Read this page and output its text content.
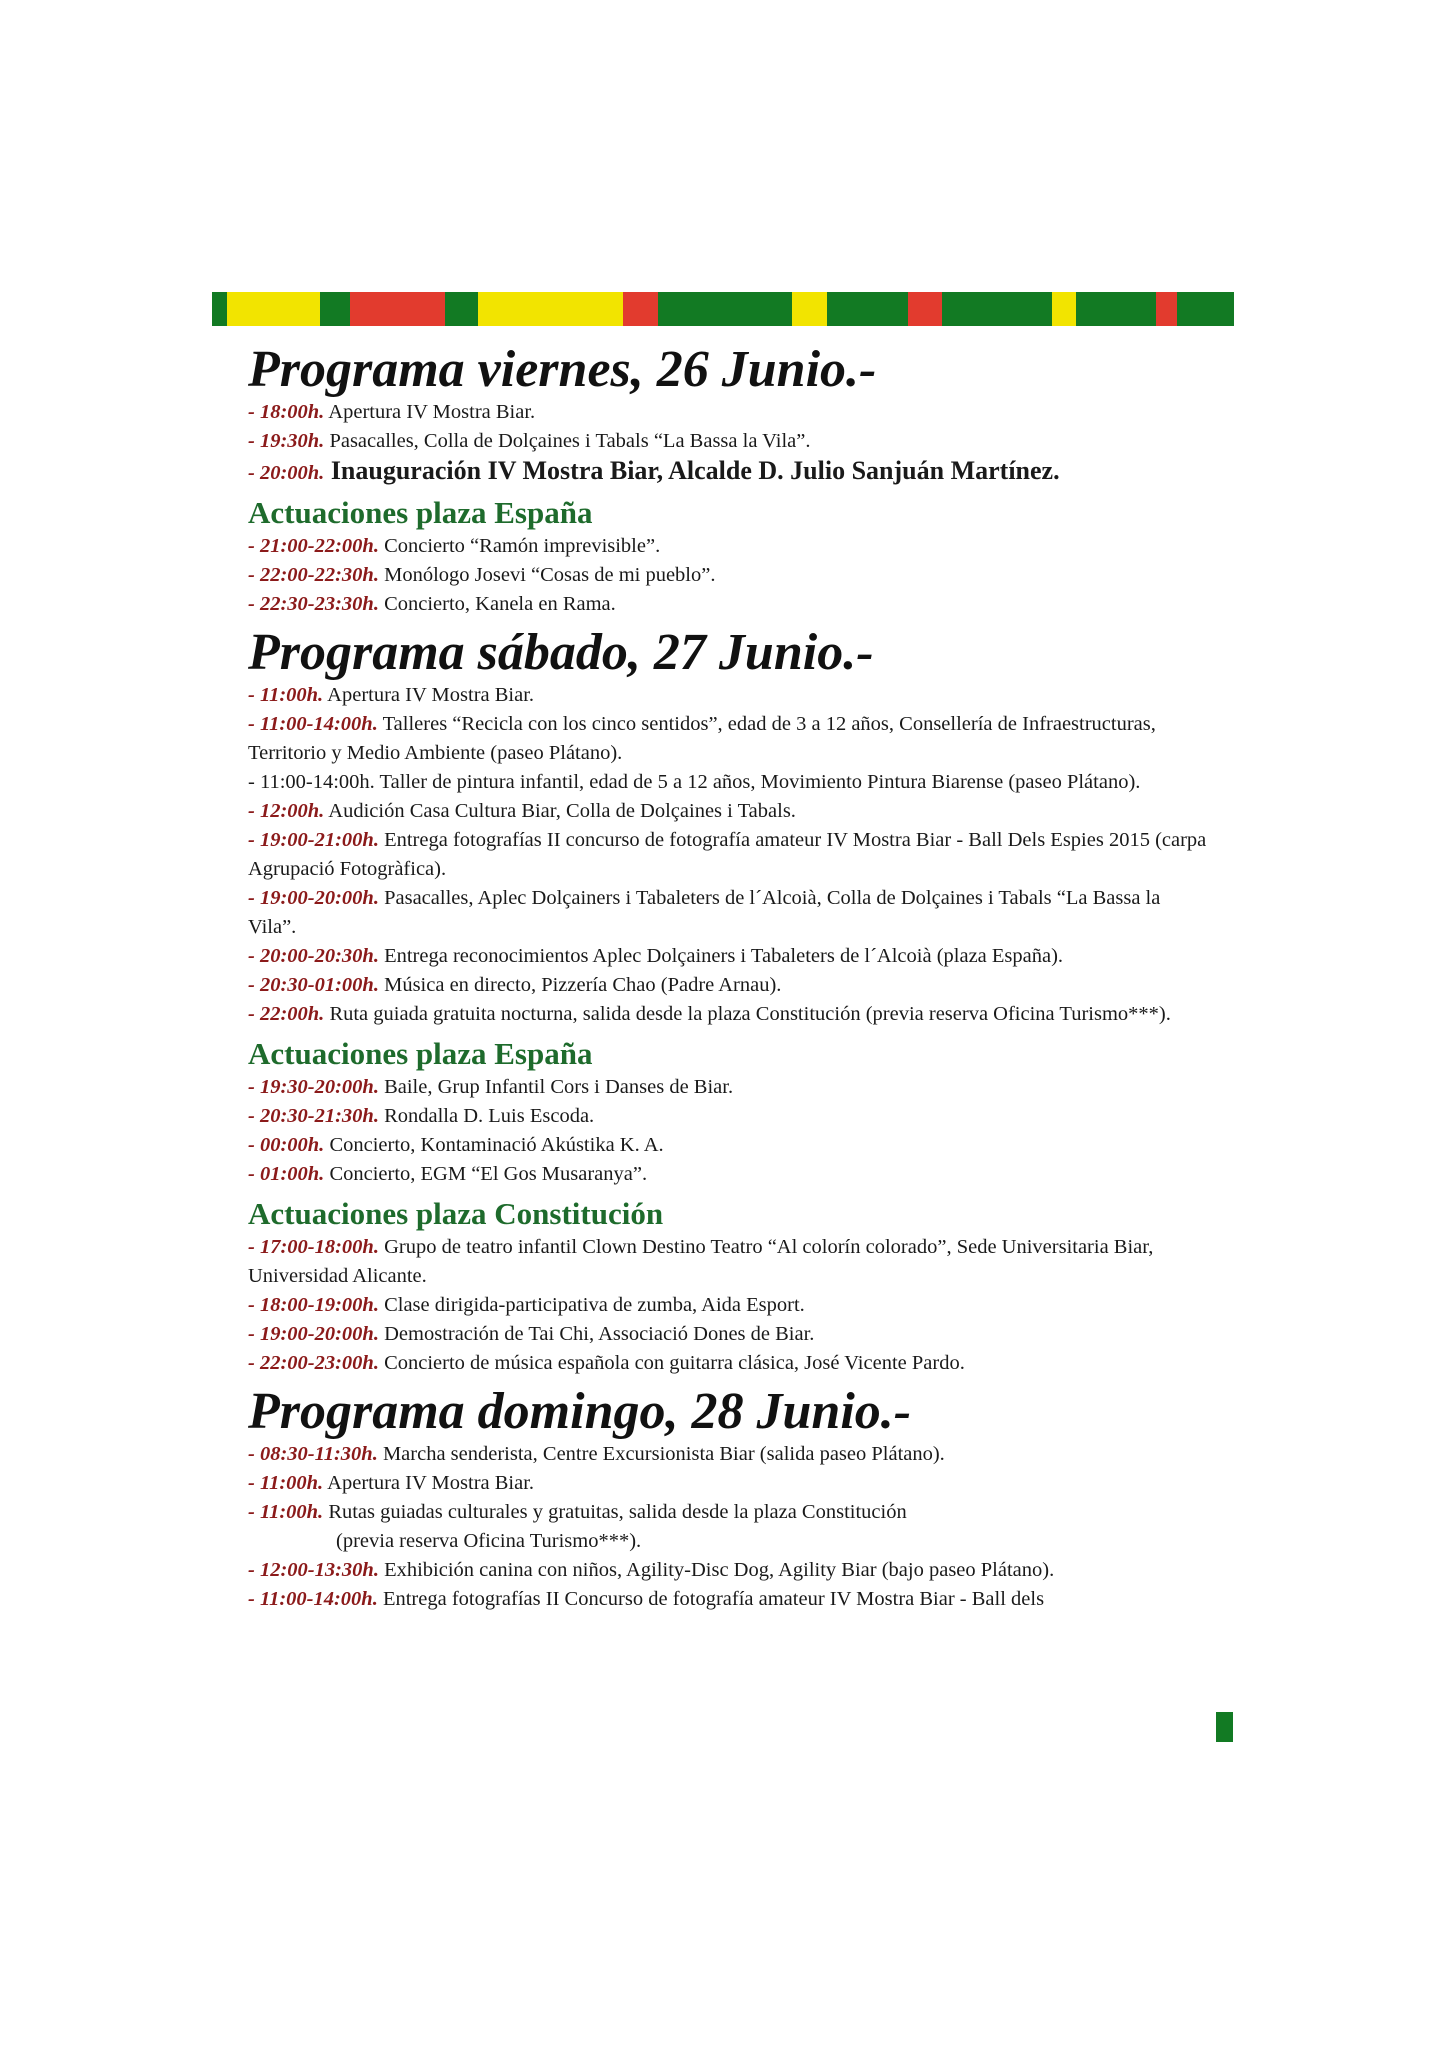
Programa viernes, 26 Junio.-

- 18:00h. Apertura IV Mostra Biar.

- 19:30h. Pasacalles, Colla de Dolçaines i Tabals “La Bassa la Vila”.

- 20:00h. Inauguración IV Mostra Biar, Alcalde D. Julio Sanjuán Martínez.

Actuaciones plaza España

- 21:00-22:00h. Concierto “Ramón imprevisible”.

- 22:00-22:30h. Monólogo Josevi “Cosas de mi pueblo”.

- 22:30-23:30h. Concierto, Kanela en Rama.

Programa sábado, 27 Junio.-

- 11:00h. Apertura IV Mostra Biar.

- 11:00-14:00h. Talleres “Recicla con los cinco sentidos”, edad de 3 a 12 años, Consellería de Infraestructuras, Territorio y Medio Ambiente (paseo Plátano).

- 11:00-14:00h. Taller de pintura infantil, edad de 5 a 12 años, Movimiento Pintura Biarense (paseo Plátano).

- 12:00h. Audición Casa Cultura Biar, Colla de Dolçaines i Tabals.

- 19:00-21:00h. Entrega fotografías II concurso de fotografía amateur IV Mostra Biar - Ball Dels Espies 2015 (carpa Agrupació Fotogràfica).

- 19:00-20:00h. Pasacalles, Aplec Dolçainers i Tabaleters de l´Alcoià, Colla de Dolçaines i Tabals “La Bassa la Vila”.

- 20:00-20:30h. Entrega reconocimientos Aplec Dolçainers i Tabaleters de l´Alcoià (plaza España).

- 20:30-01:00h. Música en directo, Pizzería Chao (Padre Arnau).

- 22:00h. Ruta guiada gratuita nocturna, salida desde la plaza Constitución (previa reserva Oficina Turismo***).

Actuaciones plaza España

- 19:30-20:00h. Baile, Grup Infantil Cors i Danses de Biar.

- 20:30-21:30h. Rondalla D. Luis Escoda.

- 00:00h. Concierto, Kontaminació Akústika K. A.

- 01:00h. Concierto, EGM “El Gos Musaranya”.

Actuaciones plaza Constitución

- 17:00-18:00h. Grupo de teatro infantil Clown Destino Teatro “Al colorín colorado”, Sede Universitaria Biar, Universidad Alicante.

- 18:00-19:00h. Clase dirigida-participativa de zumba, Aida Esport.

- 19:00-20:00h. Demostración de Tai Chi, Associació Dones de Biar.

- 22:00-23:00h. Concierto de música española con guitarra clásica, José Vicente Pardo.

Programa domingo, 28 Junio.-

- 08:30-11:30h. Marcha senderista, Centre Excursionista Biar (salida paseo Plátano).

- 11:00h. Apertura IV Mostra Biar.

- 11:00h. Rutas guiadas culturales y gratuitas, salida desde la plaza Constitución
(previa reserva Oficina Turismo***).

- 12:00-13:30h. Exhibición canina con niños, Agility-Disc Dog, Agility Biar (bajo paseo Plátano).

- 11:00-14:00h. Entrega fotografías II Concurso de fotografía amateur IV Mostra Biar - Ball dels
